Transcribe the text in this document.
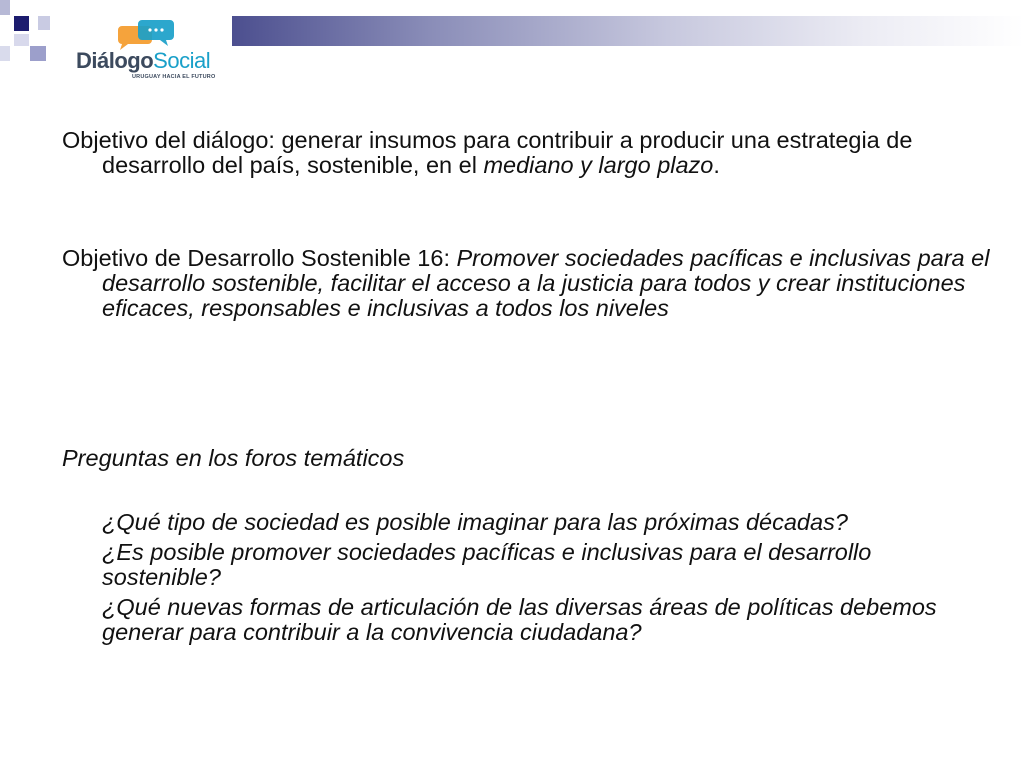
DiálogoSocial
URUGUAY HACIA EL FUTURO

Objetivo del diálogo: generar insumos para contribuir a producir una estrategia de desarrollo del país, sostenible, en el mediano y largo plazo.

Objetivo de Desarrollo Sostenible 16: Promover sociedades pacíficas e inclusivas para el desarrollo sostenible, facilitar el acceso a la justicia para todos y crear instituciones eficaces, responsables e inclusivas a todos los niveles

Preguntas en los foros temáticos

¿Qué tipo de sociedad es posible imaginar para las próximas décadas?

¿Es posible promover sociedades pacíficas e inclusivas para el desarrollo sostenible?

¿Qué nuevas formas de articulación de las diversas áreas de políticas debemos generar para contribuir a la convivencia ciudadana?
